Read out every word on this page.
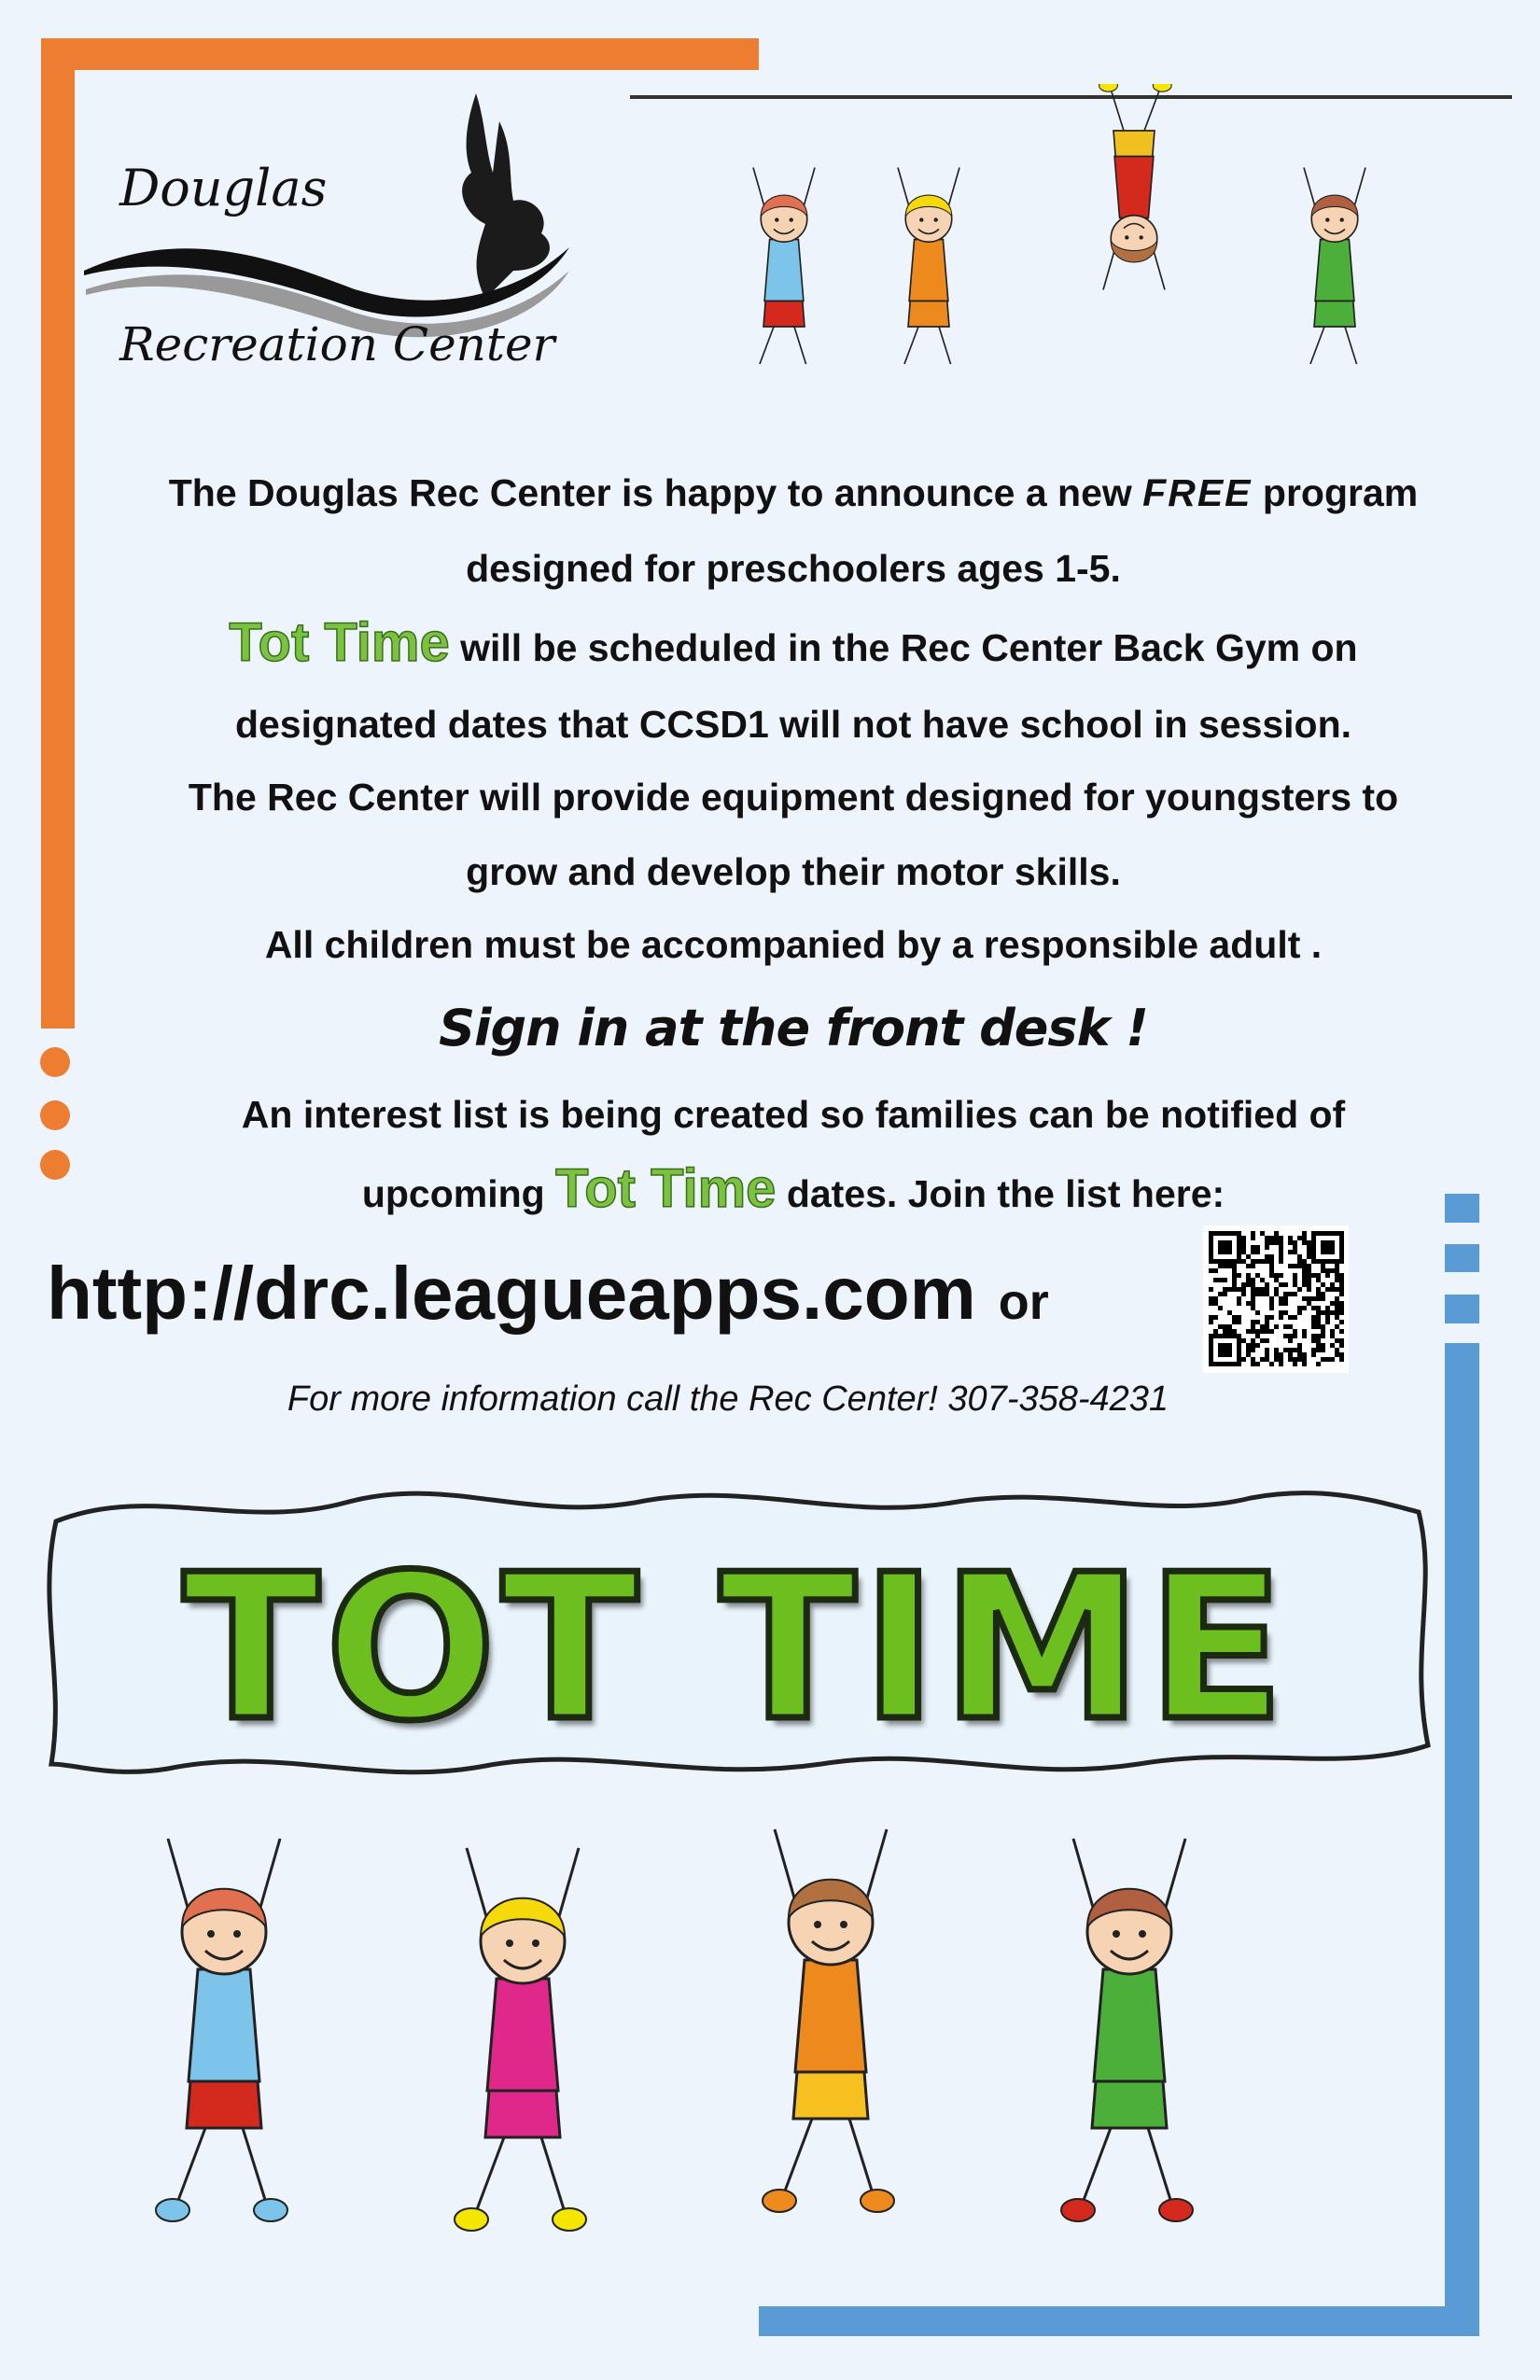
Douglas
Recreation Center
The Douglas Rec Center is happy to announce a new FREE program
designed for preschoolers ages 1-5.
Tot Time will be scheduled in the Rec Center Back Gym on
designated dates that CCSD1 will not have school in session.
The Rec Center will provide equipment designed for youngsters to
grow and develop their motor skills.
All children must be accompanied by a responsible adult .
Sign in at the front desk !
An interest list is being created so families can be notified of
upcoming Tot Time dates. Join the list here:
http://drc.leagueapps.com or
For more information call the Rec Center! 307-358-4231
TOT TIME
